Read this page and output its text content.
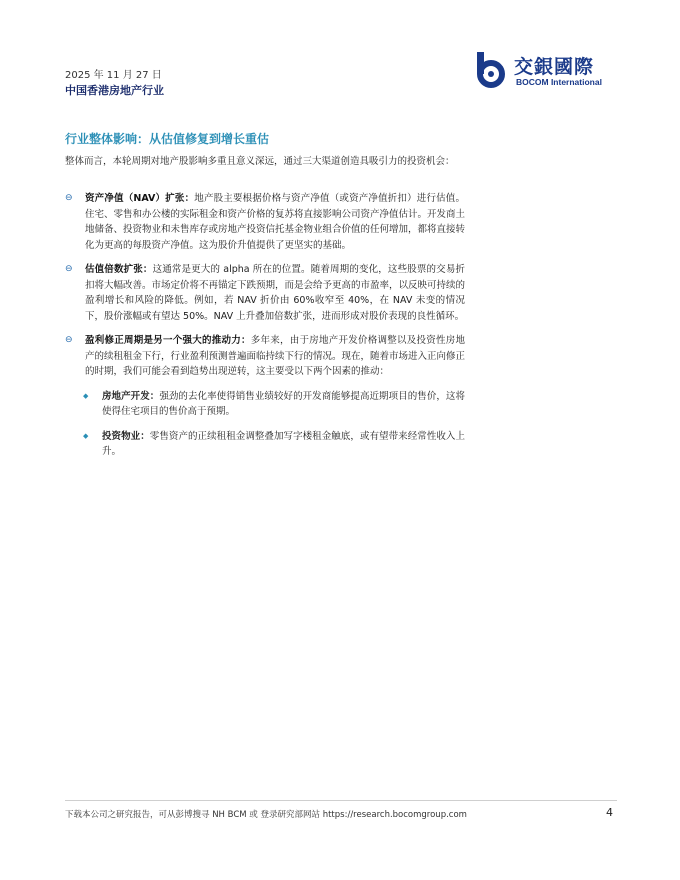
2025 年 11 月 27 日
中国香港房地产行业
交銀國際
BOCOM International
行业整体影响：从估值修复到增长重估
整体而言，本轮周期对地产股影响多重且意义深远，通过三大渠道创造具吸引力的投资机会：
⊖ 资产净值（NAV）扩张：地产股主要根据价格与资产净值（或资产净值折扣）进行估值。住宅、零售和办公楼的实际租金和资产价格的复苏将直接影响公司资产净值估计。开发商土地储备、投资物业和未售库存或房地产投资信托基金物业组合价值的任何增加，都将直接转化为更高的每股资产净值。这为股价升值提供了更坚实的基础。
⊖ 估值倍数扩张：这通常是更大的 alpha 所在的位置。随着周期的变化，这些股票的交易折扣将大幅改善。市场定价将不再锚定下跌预期，而是会给予更高的市盈率，以反映可持续的盈利增长和风险的降低。例如，若 NAV 折价由 60%收窄至 40%，在 NAV 未变的情况下，股价涨幅或有望达 50%。NAV 上升叠加倍数扩张，进而形成对股价表现的良性循环。
⊖ 盈利修正周期是另一个强大的推动力：多年来，由于房地产开发价格调整以及投资性房地产的续租租金下行，行业盈利预测普遍面临持续下行的情况。现在，随着市场进入正向修正的时期，我们可能会看到趋势出现逆转，这主要受以下两个因素的推动：
◆ 房地产开发：强劲的去化率使得销售业绩较好的开发商能够提高近期项目的售价，这将使得住宅项目的售价高于预期。
◆ 投资物业：零售资产的正续租租金调整叠加写字楼租金触底，或有望带来经常性收入上升。
下载本公司之研究报告，可从彭博搜寻 NH BCM 或 登录研究部网站 https://research.bocomgroup.com	4
